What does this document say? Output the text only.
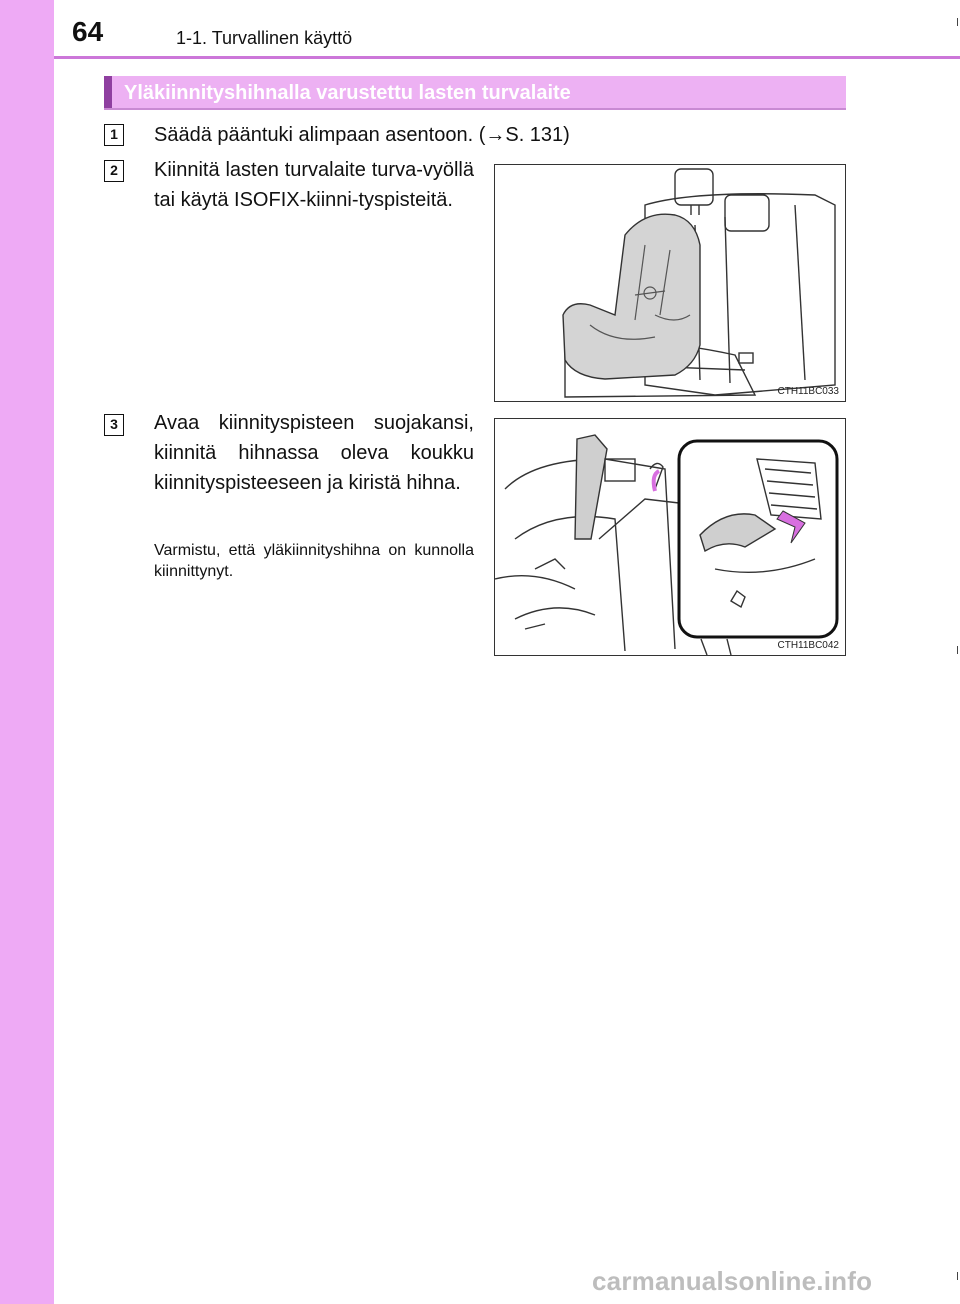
64	1-1. Turvallinen käyttö
Yläkiinnityshihnalla varustettu lasten turvalaite
1	Säädä pääntuki alimpaan asentoon. (→S. 131)
2	Kiinnitä lasten turvalaite turva-vyöllä tai käytä ISOFIX-kiinni-tyspisteitä.
CTH11BC033
3	Avaa kiinnityspisteen suojakansi, kiinnitä hihnassa oleva koukku kiinnityspisteeseen ja kiristä hihna.
Varmistu, että yläkiinnityshihna on kunnolla kiinnittynyt.
CTH11BC042
carmanualsonline.info
